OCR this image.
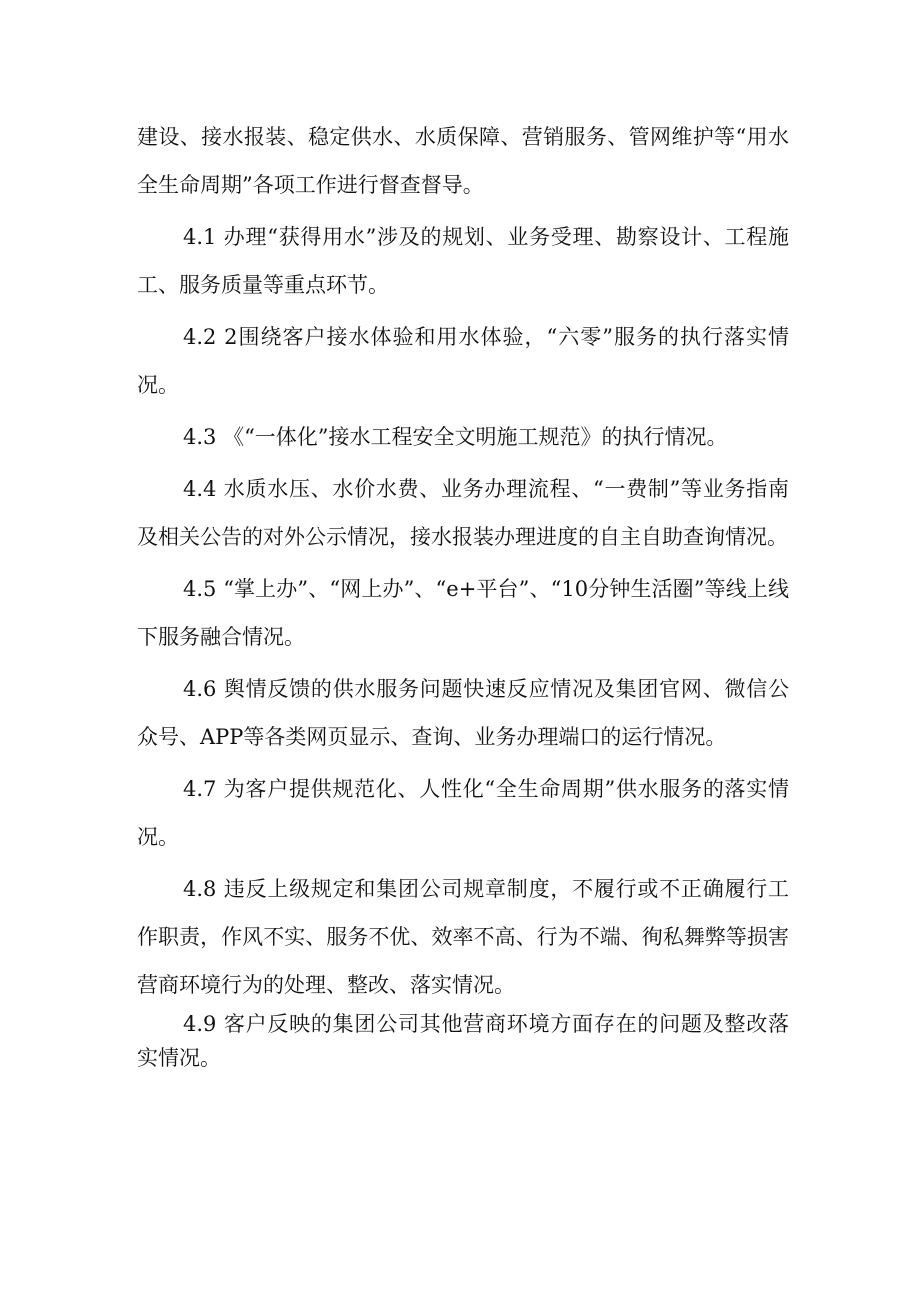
建设、接水报装、稳定供水、水质保障、营销服务、管网维护等“用水全生命周期”各项工作进行督查督导。

4.1 办理“获得用水”涉及的规划、业务受理、勘察设计、工程施工、服务质量等重点环节。

4.2 2围绕客户接水体验和用水体验，“六零”服务的执行落实情况。

4.3 《“一体化”接水工程安全文明施工规范》的执行情况。

4.4 水质水压、水价水费、业务办理流程、“一费制”等业务指南及相关公告的对外公示情况，接水报装办理进度的自主自助查询情况。

4.5 “掌上办”、“网上办”、“e+平台”、“10分钟生活圈”等线上线下服务融合情况。

4.6 舆情反馈的供水服务问题快速反应情况及集团官网、微信公众号、APP等各类网页显示、查询、业务办理端口的运行情况。

4.7 为客户提供规范化、人性化“全生命周期”供水服务的落实情况。

4.8 违反上级规定和集团公司规章制度，不履行或不正确履行工作职责，作风不实、服务不优、效率不高、行为不端、徇私舞弊等损害营商环境行为的处理、整改、落实情况。

4.9 客户反映的集团公司其他营商环境方面存在的问题及整改落实情况。
